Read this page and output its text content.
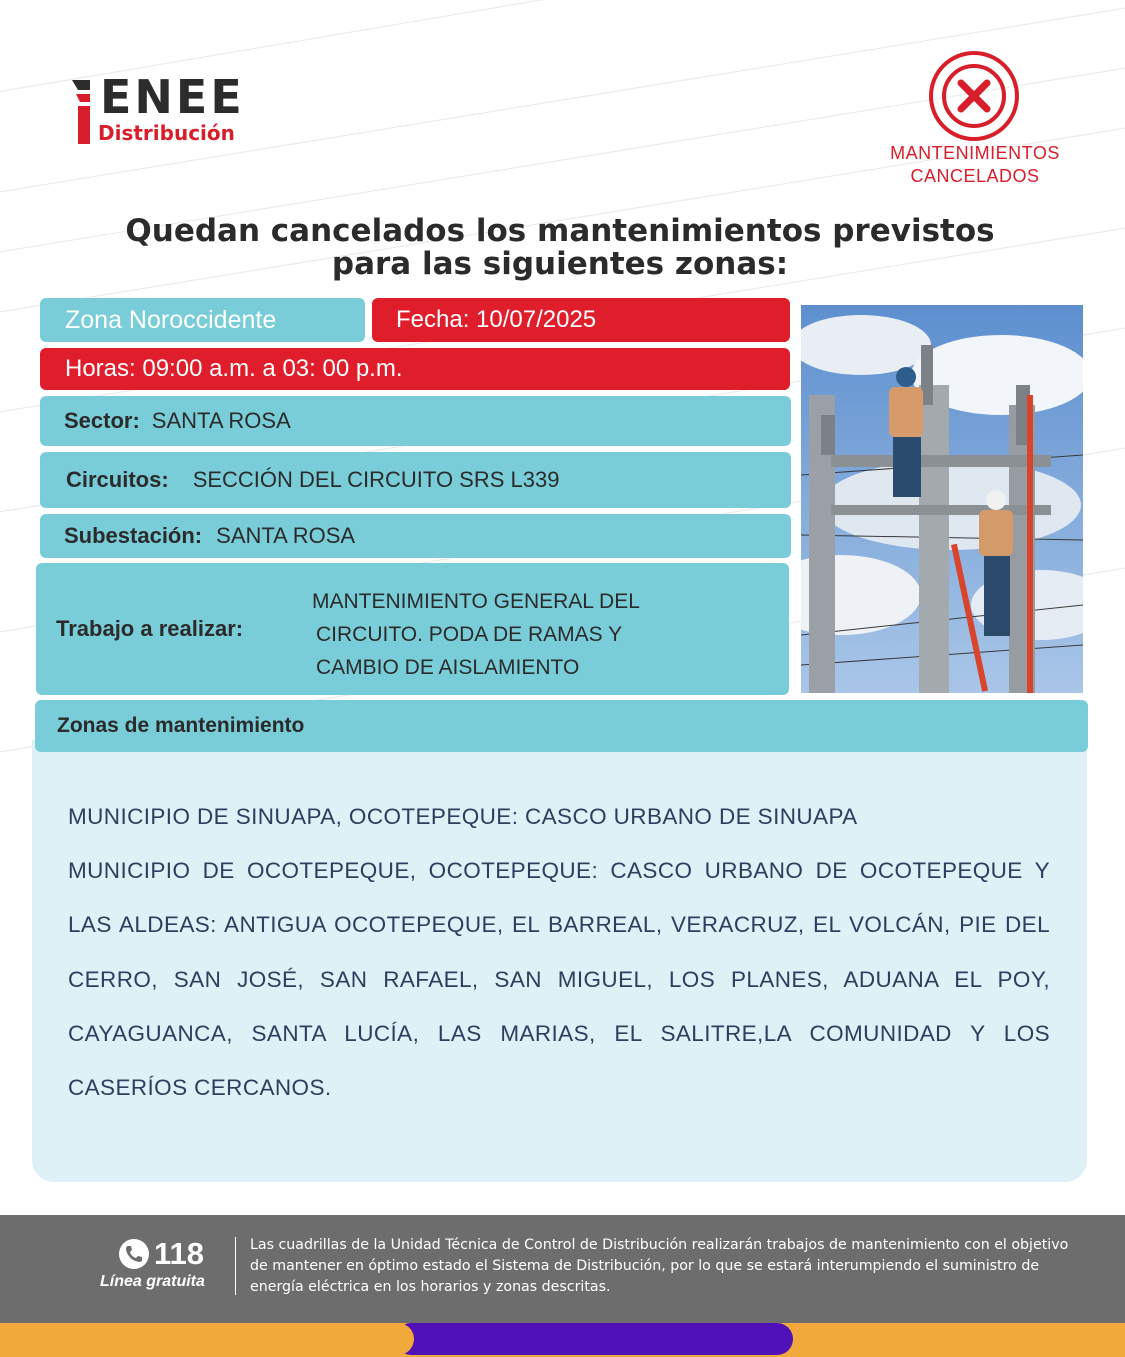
ENEE
Distribución
MANTENIMIENTOS
CANCELADOS
Quedan cancelados los mantenimientos previstos
para las siguientes zonas:
Zona Noroccidente	Fecha: 10/07/2025
Horas: 09:00 a.m. a 03: 00 p.m.
Sector: SANTA ROSA
Circuitos: SECCIÓN DEL CIRCUITO SRS L339
Subestación: SANTA ROSA
Trabajo a realizar:
MANTENIMIENTO GENERAL DEL
CIRCUITO. PODA DE RAMAS Y
CAMBIO DE AISLAMIENTO
Zonas de mantenimiento

MUNICIPIO DE SINUAPA, OCOTEPEQUE: CASCO URBANO DE SINUAPA

MUNICIPIO DE OCOTEPEQUE, OCOTEPEQUE: CASCO URBANO DE OCOTEPEQUE Y LAS ALDEAS: ANTIGUA OCOTEPEQUE, EL BARREAL, VERACRUZ, EL VOLCÁN, PIE DEL CERRO, SAN JOSÉ, SAN RAFAEL, SAN MIGUEL, LOS PLANES, ADUANA EL POY, CAYAGUANCA, SANTA LUCÍA, LAS MARIAS, EL SALITRE,LA COMUNIDAD Y LOS CASERÍOS CERCANOS.

118
Línea gratuita
Las cuadrillas de la Unidad Técnica de Control de Distribución realizarán trabajos de mantenimiento con el objetivo de mantener en óptimo estado el Sistema de Distribución, por lo que se estará interumpiendo el suministro de energía eléctrica en los horarios y zonas descritas.
